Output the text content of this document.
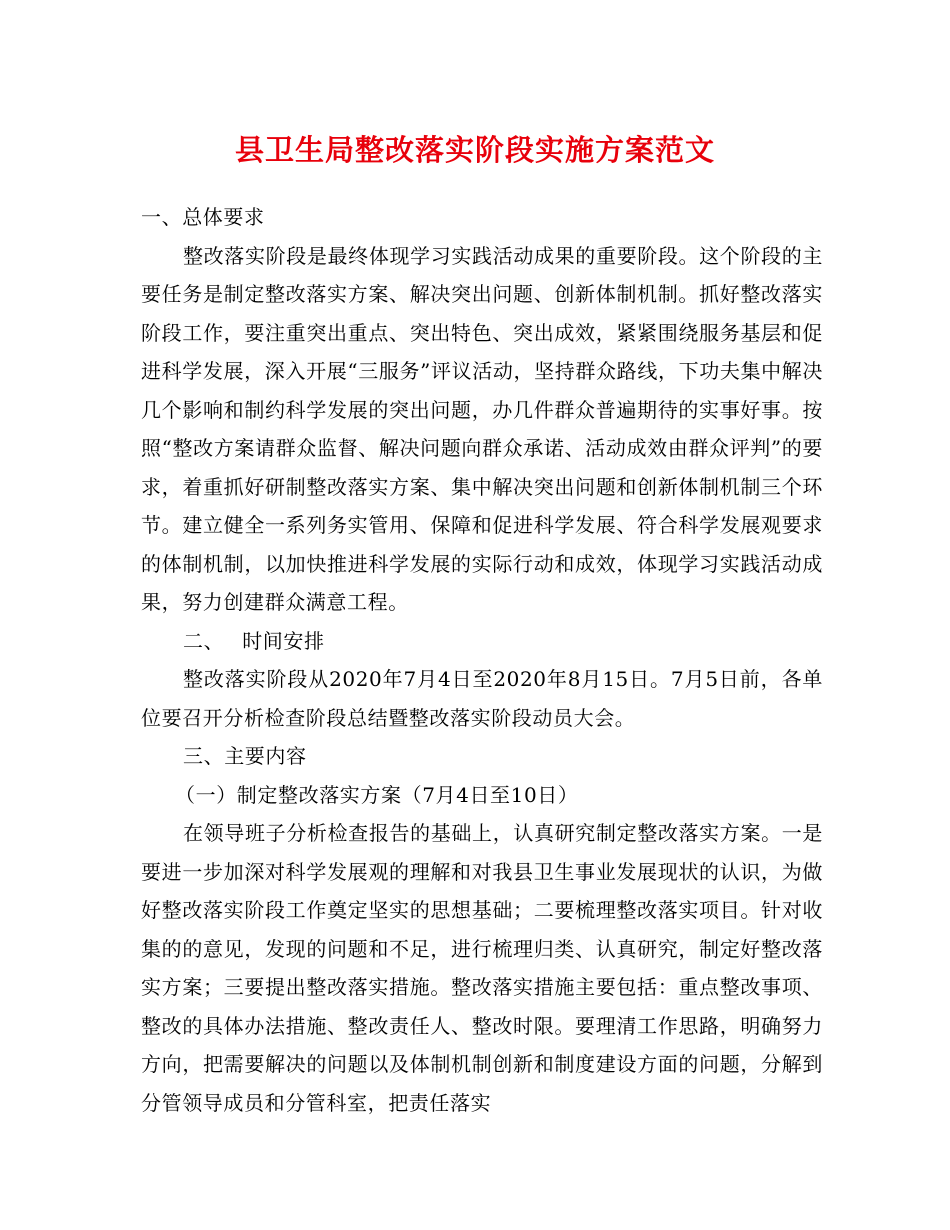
县卫生局整改落实阶段实施方案范文

一、总体要求

整改落实阶段是最终体现学习实践活动成果的重要阶段。这个阶段的主要任务是制定整改落实方案、解决突出问题、创新体制机制。抓好整改落实阶段工作，要注重突出重点、突出特色、突出成效，紧紧围绕服务基层和促进科学发展，深入开展“三服务”评议活动，坚持群众路线，下功夫集中解决几个影响和制约科学发展的突出问题，办几件群众普遍期待的实事好事。按照“整改方案请群众监督、解决问题向群众承诺、活动成效由群众评判”的要求，着重抓好研制整改落实方案、集中解决突出问题和创新体制机制三个环节。建立健全一系列务实管用、保障和促进科学发展、符合科学发展观要求的体制机制，以加快推进科学发展的实际行动和成效，体现学习实践活动成果，努力创建群众满意工程。

二、 时间安排

整改落实阶段从2020年7月4日至2020年8月15日。7月5日前，各单位要召开分析检查阶段总结暨整改落实阶段动员大会。

三、主要内容

（一）制定整改落实方案（7月4日至10日）

在领导班子分析检查报告的基础上，认真研究制定整改落实方案。一是要进一步加深对科学发展观的理解和对我县卫生事业发展现状的认识，为做好整改落实阶段工作奠定坚实的思想基础；二要梳理整改落实项目。针对收集的的意见，发现的问题和不足，进行梳理归类、认真研究，制定好整改落实方案；三要提出整改落实措施。整改落实措施主要包括：重点整改事项、整改的具体办法措施、整改责任人、整改时限。要理清工作思路，明确努力方向，把需要解决的问题以及体制机制创新和制度建设方面的问题，分解到分管领导成员和分管科室，把责任落实
